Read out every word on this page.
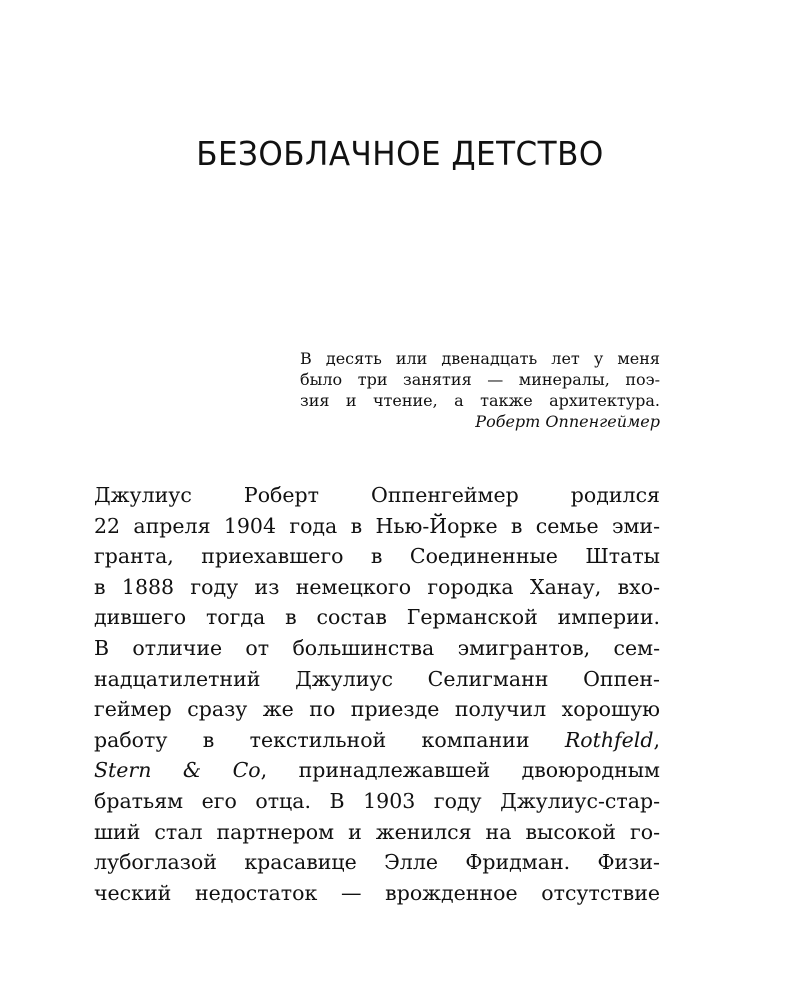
БЕЗОБЛАЧНОЕ ДЕТСТВО
В десять или двенадцать лет у меня
было три занятия — минералы, поэ-
зия и чтение, а также архитектура.
Роберт Оппенгеймер
Джулиус Роберт Оппенгеймер родился
22 апреля 1904 года в Нью-Йорке в семье эми-
гранта, приехавшего в Соединенные Штаты
в 1888 году из немецкого городка Ханау, вхо-
дившего тогда в состав Германской империи.
В отличие от большинства эмигрантов, сем-
надцатилетний Джулиус Селигманн Оппен-
геймер сразу же по приезде получил хорошую
работу в текстильной компании Rothfeld,
Stern & Co, принадлежавшей двоюродным
братьям его отца. В 1903 году Джулиус-стар-
ший стал партнером и женился на высокой го-
лубоглазой красавице Элле Фридман. Физи-
ческий недостаток — врожденное отсутствие
